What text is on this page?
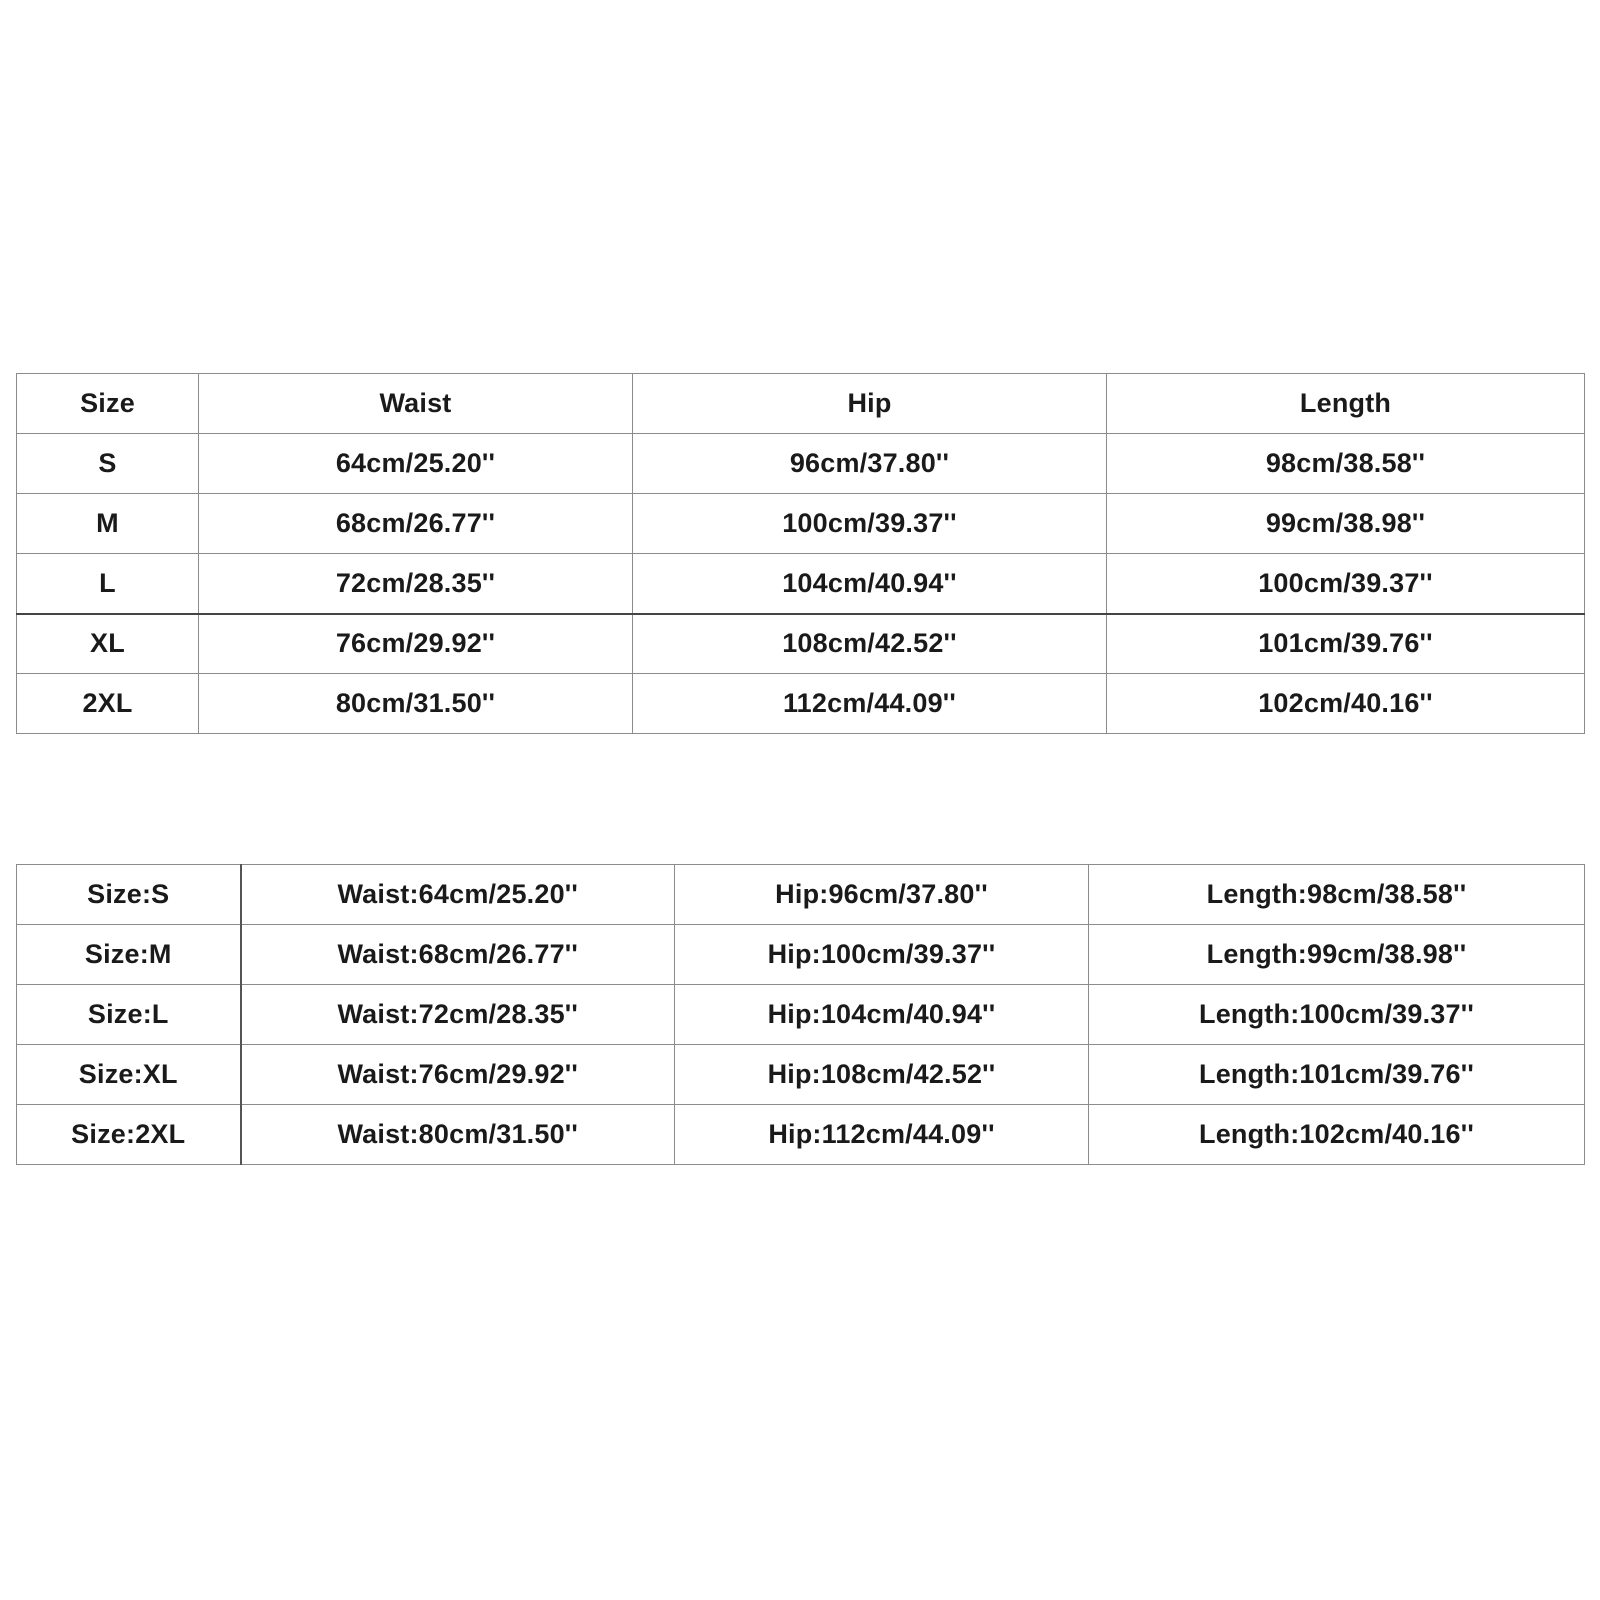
Size	Waist	Hip	Length
S	64cm/25.20''	96cm/37.80''	98cm/38.58''
M	68cm/26.77''	100cm/39.37''	99cm/38.98''
L	72cm/28.35''	104cm/40.94''	100cm/39.37''
XL	76cm/29.92''	108cm/42.52''	101cm/39.76''
2XL	80cm/31.50''	112cm/44.09''	102cm/40.16''
Size:S	Waist:64cm/25.20''	Hip:96cm/37.80''	Length:98cm/38.58''
Size:M	Waist:68cm/26.77''	Hip:100cm/39.37''	Length:99cm/38.98''
Size:L	Waist:72cm/28.35''	Hip:104cm/40.94''	Length:100cm/39.37''
Size:XL	Waist:76cm/29.92''	Hip:108cm/42.52''	Length:101cm/39.76''
Size:2XL	Waist:80cm/31.50''	Hip:112cm/44.09''	Length:102cm/40.16''
